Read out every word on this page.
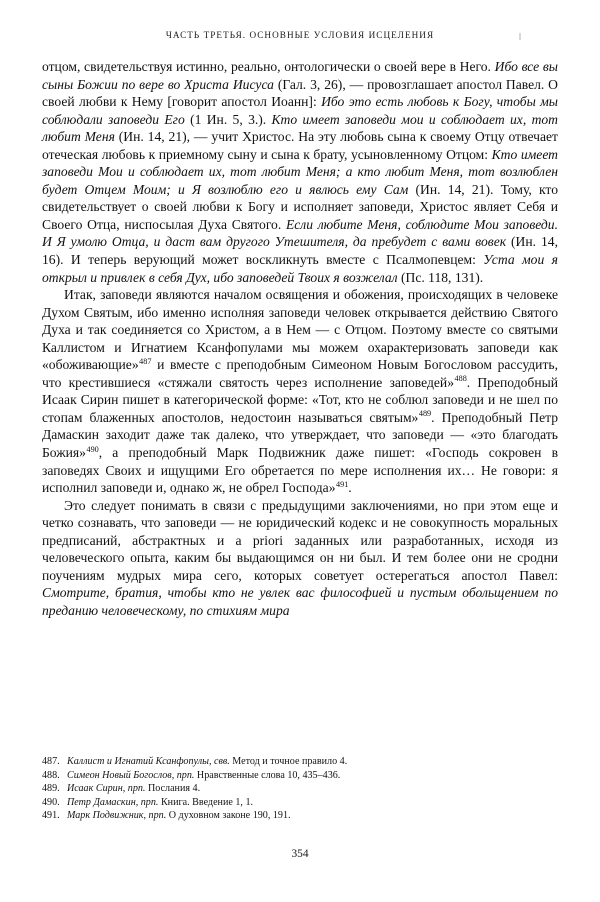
ЧАСТЬ ТРЕТЬЯ. ОСНОВНЫЕ УСЛОВИЯ ИСЦЕЛЕНИЯ

отцом, свидетельствуя истинно, реально, онтологически о своей вере в Него. Ибо все вы сыны Божии по вере во Христа Иисуса (Гал. 3, 26), — провозглашает апостол Павел. О своей любви к Нему [говорит апостол Иоанн]: Ибо это есть любовь к Богу, чтобы мы соблюдали заповеди Его (1 Ин. 5, 3.). Кто имеет заповеди мои и соблюдает их, тот любит Меня (Ин. 14, 21), — учит Христос. На эту любовь сына к своему Отцу отвечает отеческая любовь к приемному сыну и сына к брату, усыновленному Отцом: Кто имеет заповеди Мои и соблюдает их, тот любит Меня; а кто любит Меня, тот возлюблен будет Отцем Моим; и Я возлюблю его и явлюсь ему Сам (Ин. 14, 21). Тому, кто свидетельствует о своей любви к Богу и исполняет заповеди, Христос являет Себя и Своего Отца, ниспосылая Духа Святого. Если любите Меня, соблюдите Мои заповеди. И Я умолю Отца, и даст вам другого Утешителя, да пребудет с вами вовек (Ин. 14, 16). И теперь верующий может воскликнуть вместе с Псалмопевцем: Уста мои я открыл и привлек в себя Дух, ибо заповедей Твоих я возжелал (Пс. 118, 131).

Итак, заповеди являются началом освящения и обожения, происходящих в человеке Духом Святым, ибо именно исполняя заповеди человек открывается действию Святого Духа и так соединяется со Христом, а в Нем — с Отцом. Поэтому вместе со святыми Каллистом и Игнатием Ксанфопулами мы можем охарактеризовать заповеди как «обоживающие»$^{487}$ и вместе с преподобным Симеоном Новым Богословом рассудить, что крестившиеся «стяжали святость через исполнение заповедей»$^{488}$. Преподобный Исаак Сирин пишет в категорической форме: «Тот, кто не соблюл заповеди и не шел по стопам блаженных апостолов, недостоин называться святым»$^{489}$. Преподобный Петр Дамаскин заходит даже так далеко, что утверждает, что заповеди — «это благодать Божия»$^{490}$, а преподобный Марк Подвижник даже пишет: «Господь сокровен в заповедях Своих и ищущими Его обретается по мере исполнения их… Не говори: я исполнил заповеди и, однако ж, не обрел Господа»$^{491}$.

Это следует понимать в связи с предыдущими заключениями, но при этом еще и четко сознавать, что заповеди — не юридический кодекс и не совокупность моральных предписаний, абстрактных и a priori заданных или разработанных, исходя из человеческого опыта, каким бы выдающимся он ни был. И тем более они не сродни поучениям мудрых мира сего, которых советует остерегаться апостол Павел: Смотрите, братия, чтобы кто не увлек вас философией и пустым обольщением по преданию человеческому, по стихиям мира

487. Каллист и Игнатий Ксанфопулы, свв. Метод и точное правило 4.
488. Симеон Новый Богослов, прп. Нравственные слова 10, 435–436.
489. Исаак Сирин, прп. Послания 4.
490. Петр Дамаскин, прп. Книга. Введение 1, 1.
491. Марк Подвижник, прп. О духовном законе 190, 191.
354
